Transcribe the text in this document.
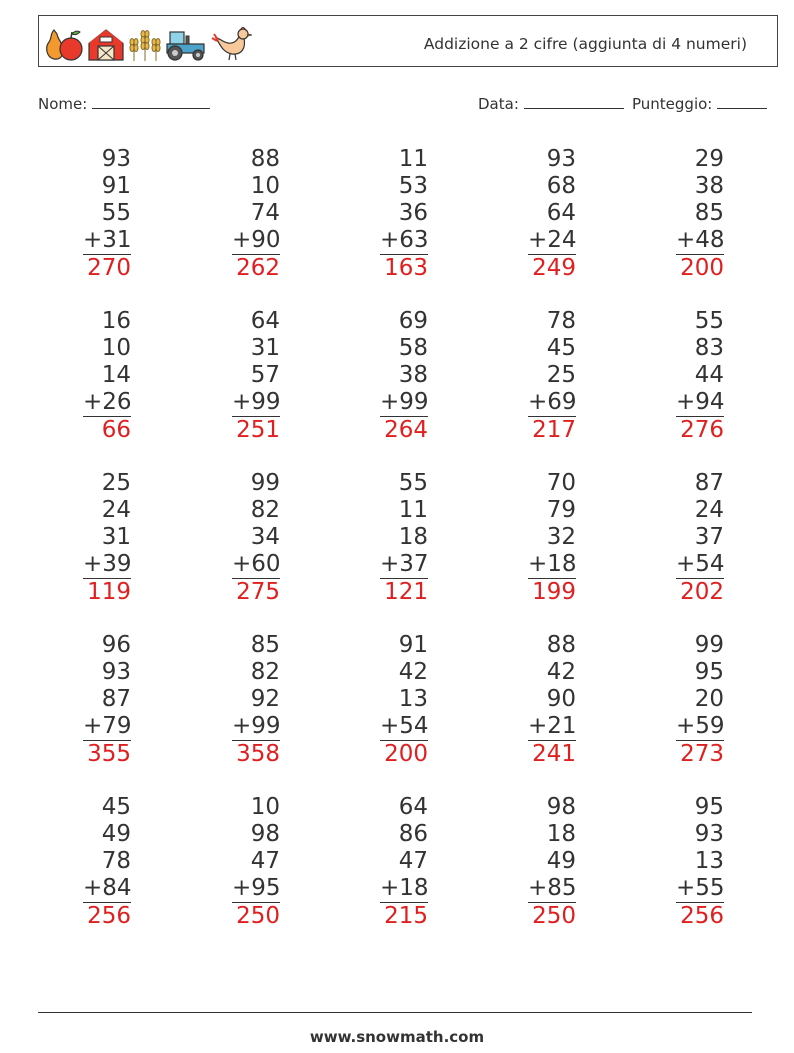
Addizione a 2 cifre (aggiunta di 4 numeri)
Nome:	Data:	Punteggio:
93
91
55
+31
270
88
10
74
+90
262
11
53
36
+63
163
93
68
64
+24
249
29
38
85
+48
200
16
10
14
+26
66
64
31
57
+99
251
69
58
38
+99
264
78
45
25
+69
217
55
83
44
+94
276
25
24
31
+39
119
99
82
34
+60
275
55
11
18
+37
121
70
79
32
+18
199
87
24
37
+54
202
96
93
87
+79
355
85
82
92
+99
358
91
42
13
+54
200
88
42
90
+21
241
99
95
20
+59
273
45
49
78
+84
256
10
98
47
+95
250
64
86
47
+18
215
98
18
49
+85
250
95
93
13
+55
256
www.snowmath.com
